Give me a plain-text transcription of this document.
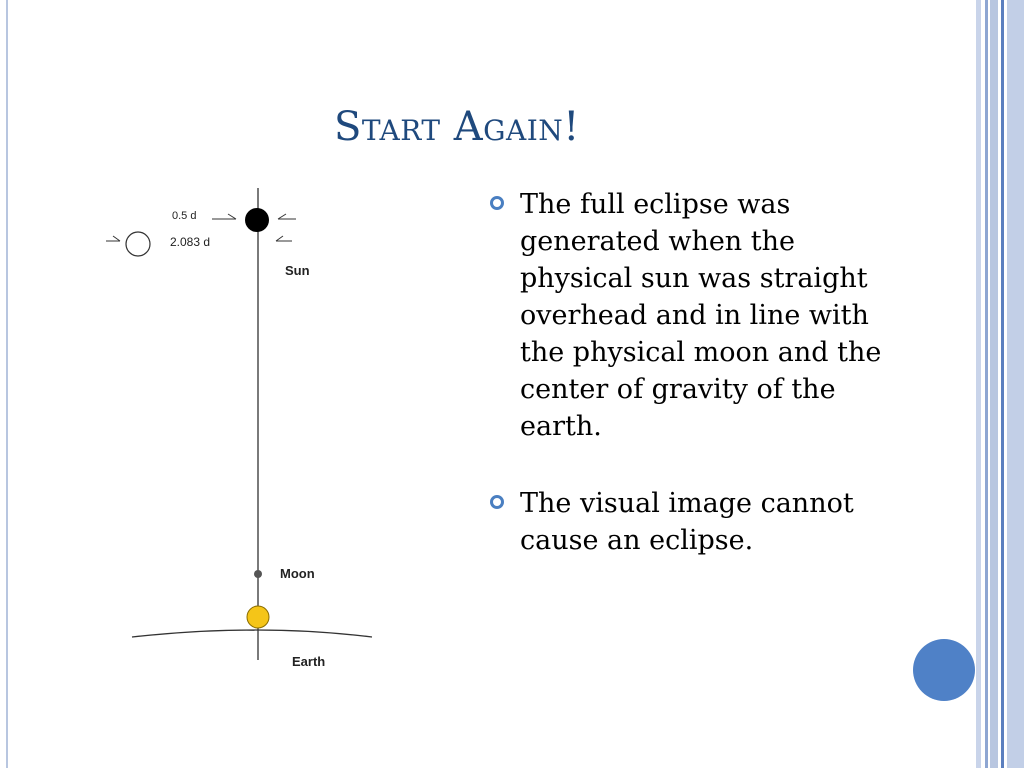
Start Again!
0.5 d
2.083 d
Sun
Moon
Earth
The full eclipse was generated when the physical sun was straight overhead and in line with the physical moon and the center of gravity of the earth.
The visual image cannot cause an eclipse.
